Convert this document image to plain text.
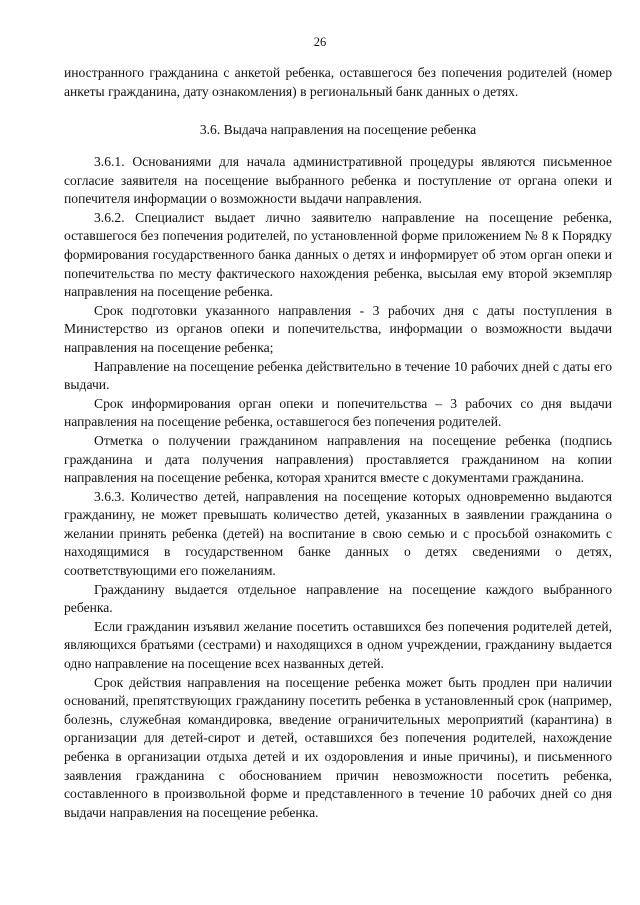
26

иностранного гражданина с анкетой ребенка, оставшегося без попечения родителей (номер анкеты гражданина, дату ознакомления) в региональный банк данных о детях.

3.6. Выдача направления на посещение ребенка

3.6.1. Основаниями для начала административной процедуры являются письменное согласие заявителя на посещение выбранного ребенка и поступление от органа опеки и попечителя информации о возможности выдачи направления.

3.6.2. Специалист выдает лично заявителю направление на посещение ребенка, оставшегося без попечения родителей, по установленной форме приложением № 8 к Порядку формирования государственного банка данных о детях и информирует об этом орган опеки и попечительства по месту фактического нахождения ребенка, высылая ему второй экземпляр направления на посещение ребенка.

Срок подготовки указанного направления - 3 рабочих дня с даты поступления в Министерство из органов опеки и попечительства, информации о возможности выдачи направления на посещение ребенка;

Направление на посещение ребенка действительно в течение 10 рабочих дней с даты его выдачи.

Срок информирования орган опеки и попечительства – 3 рабочих со дня выдачи направления на посещение ребенка, оставшегося без попечения родителей.

Отметка о получении гражданином направления на посещение ребенка (подпись гражданина и дата получения направления) проставляется гражданином на копии направления на посещение ребенка, которая хранится вместе с документами гражданина.

3.6.3. Количество детей, направления на посещение которых одновременно выдаются гражданину, не может превышать количество детей, указанных в заявлении гражданина о желании принять ребенка (детей) на воспитание в свою семью и с просьбой ознакомить с находящимися в государственном банке данных о детях сведениями о детях, соответствующими его пожеланиям.

Гражданину выдается отдельное направление на посещение каждого выбранного ребенка.

Если гражданин изъявил желание посетить оставшихся без попечения родителей детей, являющихся братьями (сестрами) и находящихся в одном учреждении, гражданину выдается одно направление на посещение всех названных детей.

Срок действия направления на посещение ребенка может быть продлен при наличии оснований, препятствующих гражданину посетить ребенка в установленный срок (например, болезнь, служебная командировка, введение ограничительных мероприятий (карантина) в организации для детей-сирот и детей, оставшихся без попечения родителей, нахождение ребенка в организации отдыха детей и их оздоровления и иные причины), и письменного заявления гражданина с обоснованием причин невозможности посетить ребенка, составленного в произвольной форме и представленного в течение 10 рабочих дней со дня выдачи направления на посещение ребенка.
